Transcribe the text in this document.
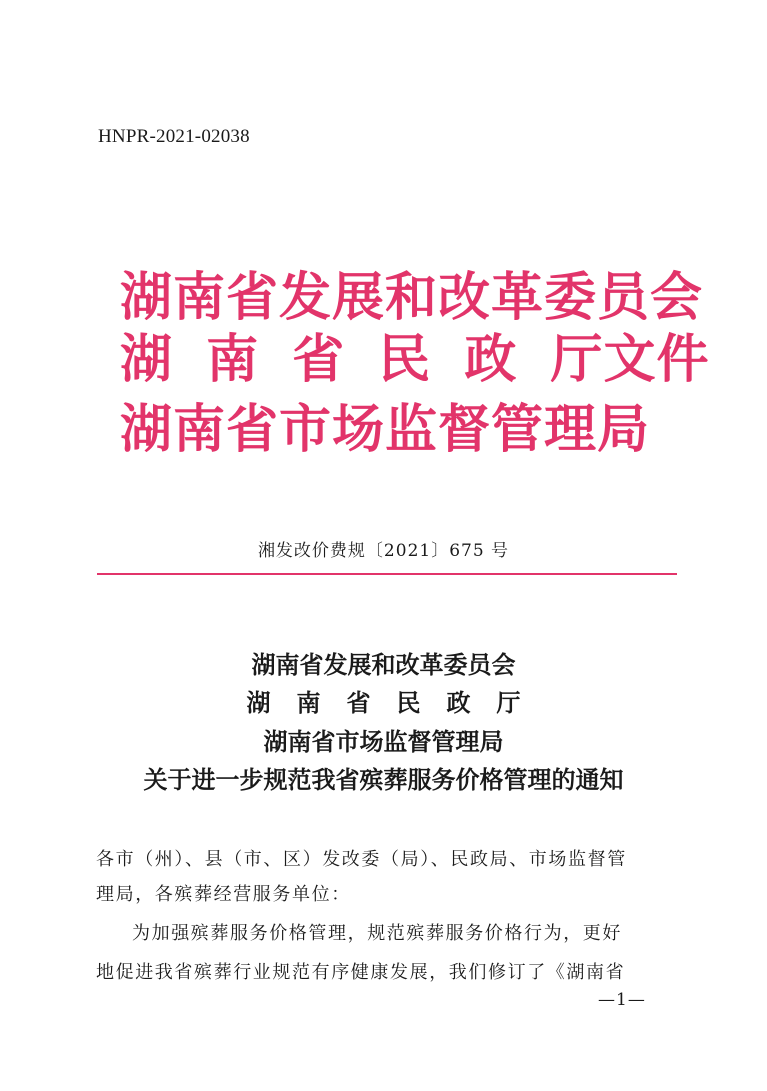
HNPR-2021-02038
湖南省发展和改革委员会
湖 南 省 民 政 厅文件
湖南省市场监督管理局
湘发改价费规〔2021〕675 号
湖南省发展和改革委员会
湖南省民政厅
湖南省市场监督管理局
关于进一步规范我省殡葬服务价格管理的通知
各市（州）、县（市、区）发改委（局）、民政局、市场监督管
理局，各殡葬经营服务单位：
为加强殡葬服务价格管理，规范殡葬服务价格行为，更好
地促进我省殡葬行业规范有序健康发展，我们修订了《湖南省
—1—
